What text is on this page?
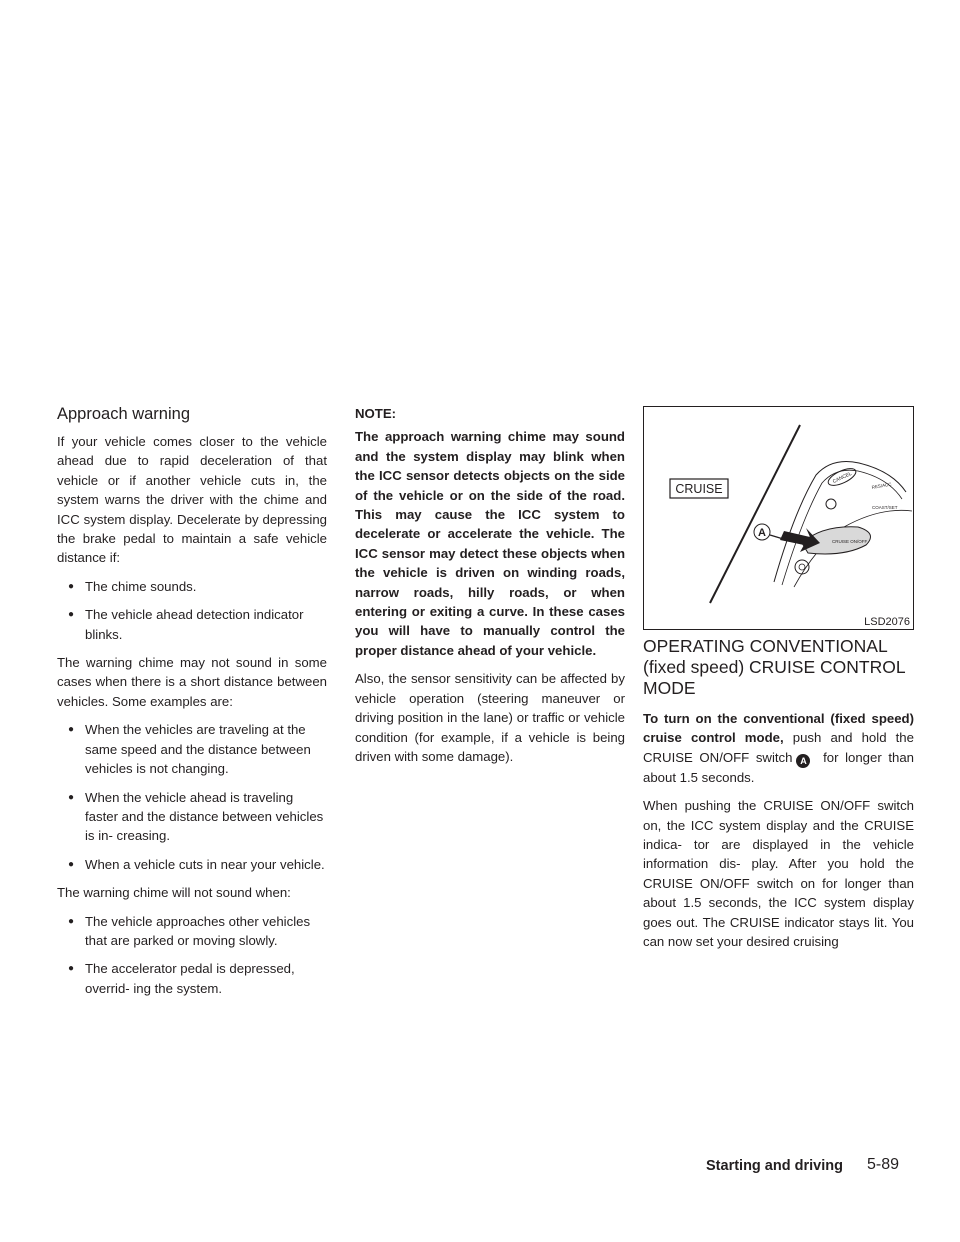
Approach warning

If your vehicle comes closer to the vehicle ahead due to rapid deceleration of that vehicle or if another vehicle cuts in, the system warns the driver with the chime and ICC system display. Decelerate by depressing the brake pedal to maintain a safe vehicle distance if:

● The chime sounds.
● The vehicle ahead detection indicator blinks.

The warning chime may not sound in some cases when there is a short distance between vehicles. Some examples are:

● When the vehicles are traveling at the same speed and the distance between vehicles is not changing.
● When the vehicle ahead is traveling faster and the distance between vehicles is in- creasing.
● When a vehicle cuts in near your vehicle.

The warning chime will not sound when:

● The vehicle approaches other vehicles that are parked or moving slowly.
● The accelerator pedal is depressed, overrid- ing the system.

NOTE:

The approach warning chime may sound and the system display may blink when the ICC sensor detects objects on the side of the vehicle or on the side of the road. This may cause the ICC system to decelerate or accelerate the vehicle. The ICC sensor may detect these objects when the vehicle is driven on winding roads, narrow roads, hilly roads, or when entering or exiting a curve. In these cases you will have to manually control the proper distance ahead of your vehicle.

Also, the sensor sensitivity can be affected by vehicle operation (steering maneuver or driving position in the lane) or traffic or vehicle condition (for example, if a vehicle is being driven with some damage).

CRUISE
CANCEL
RES/ACC
COAST/SET
CRUISE ON/OFF
A
LSD2076
OPERATING CONVENTIONAL (fixed speed) CRUISE CONTROL MODE

To turn on the conventional (fixed speed) cruise control mode, push and hold the CRUISE ON/OFF switch A for longer than about 1.5 seconds.

When pushing the CRUISE ON/OFF switch on, the ICC system display and the CRUISE indica- tor are displayed in the vehicle information dis- play. After you hold the CRUISE ON/OFF switch on for longer than about 1.5 seconds, the ICC system display goes out. The CRUISE indicator stays lit. You can now set your desired cruising

Starting and driving 5-89
